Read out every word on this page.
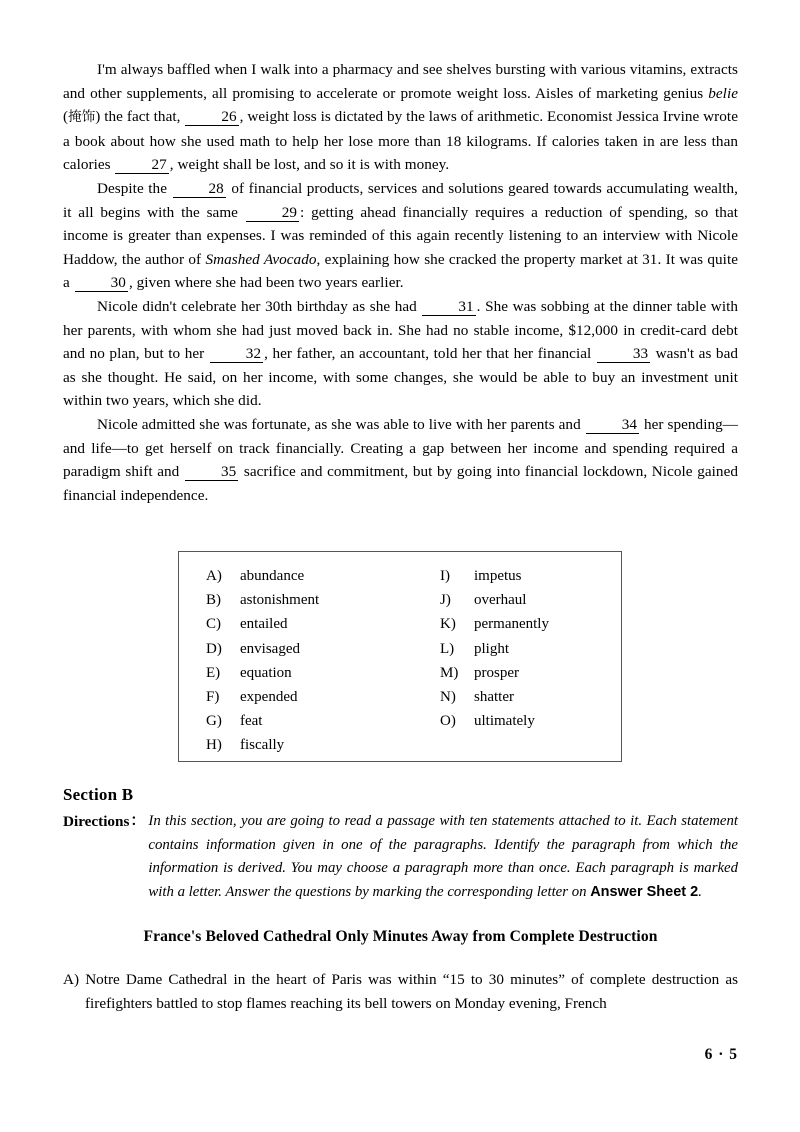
I'm always baffled when I walk into a pharmacy and see shelves bursting with various vitamins, extracts and other supplements, all promising to accelerate or promote weight loss. Aisles of marketing genius belie (掩饰) the fact that, 26 , weight loss is dictated by the laws of arithmetic. Economist Jessica Irvine wrote a book about how she used math to help her lose more than 18 kilograms. If calories taken in are less than calories 27 , weight shall be lost, and so it is with money.
Despite the 28 of financial products, services and solutions geared towards accumulating wealth, it all begins with the same 29 : getting ahead financially requires a reduction of spending, so that income is greater than expenses. I was reminded of this again recently listening to an interview with Nicole Haddow, the author of Smashed Avocado, explaining how she cracked the property market at 31. It was quite a 30 , given where she had been two years earlier.
Nicole didn't celebrate her 30th birthday as she had 31 . She was sobbing at the dinner table with her parents, with whom she had just moved back in. She had no stable income, $12,000 in credit-card debt and no plan, but to her 32 , her father, an accountant, told her that her financial 33 wasn't as bad as she thought. He said, on her income, with some changes, she would be able to buy an investment unit within two years, which she did.
Nicole admitted she was fortunate, as she was able to live with her parents and 34 her spending—and life—to get herself on track financially. Creating a gap between her income and spending required a paradigm shift and 35 sacrifice and commitment, but by going into financial lockdown, Nicole gained financial independence.
A) abundance
B) astonishment
C) entailed
D) envisaged
E) equation
F) expended
G) feat
H) fiscally
I) impetus
J) overhaul
K) permanently
L) plight
M) prosper
N) shatter
O) ultimately
Section B
Directions ： In this section, you are going to read a passage with ten statements attached to it. Each statement contains information given in one of the paragraphs. Identify the paragraph from which the information is derived. You may choose a paragraph more than once. Each paragraph is marked with a letter. Answer the questions by marking the corresponding letter on Answer Sheet 2.
France's Beloved Cathedral Only Minutes Away from Complete Destruction
A) Notre Dame Cathedral in the heart of Paris was within “15 to 30 minutes” of complete destruction as firefighters battled to stop flames reaching its bell towers on Monday evening, French
6 · 5
